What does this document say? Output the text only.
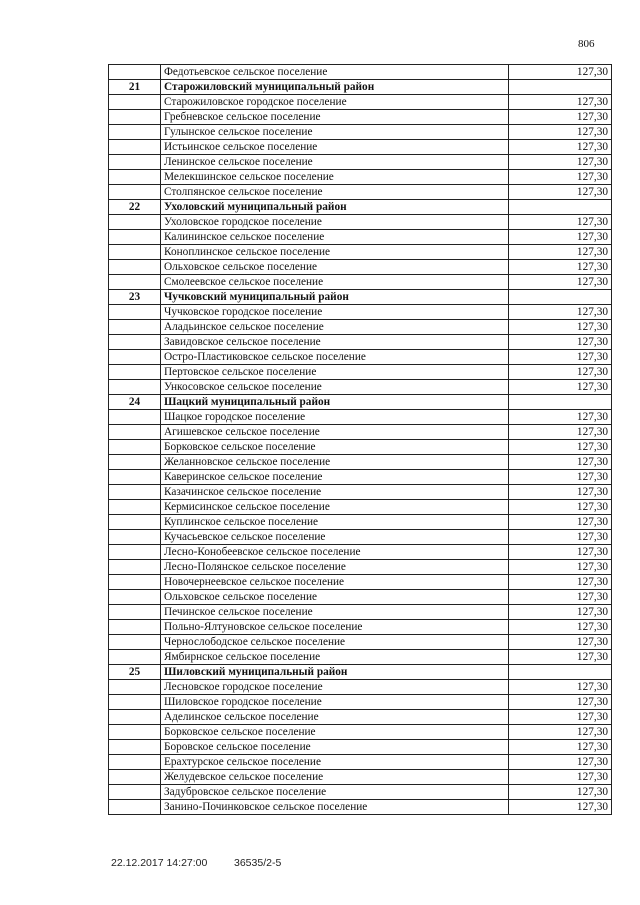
806
	Федотьевское сельское поселение	127,30
21	Старожиловский муниципальный район	
	Старожиловское городское поселение	127,30
	Гребневское сельское поселение	127,30
	Гулынское сельское поселение	127,30
	Истьинское сельское поселение	127,30
	Ленинское сельское поселение	127,30
	Мелекшинское сельское поселение	127,30
	Столпянское сельское поселение	127,30
22	Ухоловский муниципальный район	
	Ухоловское городское поселение	127,30
	Калининское сельское поселение	127,30
	Коноплинское сельское поселение	127,30
	Ольховское сельское поселение	127,30
	Смолеевское сельское поселение	127,30
23	Чучковский муниципальный район	
	Чучковское городское поселение	127,30
	Аладьинское сельское поселение	127,30
	Завидовское сельское поселение	127,30
	Остро-Пластиковское сельское поселение	127,30
	Пертовское сельское поселение	127,30
	Ункосовское сельское поселение	127,30
24	Шацкий муниципальный район	
	Шацкое городское поселение	127,30
	Агишевское сельское поселение	127,30
	Борковское сельское поселение	127,30
	Желанновское сельское поселение	127,30
	Каверинское сельское поселение	127,30
	Казачинское сельское поселение	127,30
	Кермисинское сельское поселение	127,30
	Куплинское сельское поселение	127,30
	Кучасьевское сельское поселение	127,30
	Лесно-Конобеевское сельское поселение	127,30
	Лесно-Полянское сельское поселение	127,30
	Новочернеевское сельское поселение	127,30
	Ольховское сельское поселение	127,30
	Печинское сельское поселение	127,30
	Польно-Ялтуновское сельское поселение	127,30
	Чернослободское сельское поселение	127,30
	Ямбирнское сельское поселение	127,30
25	Шиловский муниципальный район	
	Лесновское городское поселение	127,30
	Шиловское городское поселение	127,30
	Аделинское сельское поселение	127,30
	Борковское сельское поселение	127,30
	Боровское сельское поселение	127,30
	Ерахтурское сельское поселение	127,30
	Желудевское сельское поселение	127,30
	Задубровское сельское поселение	127,30
	Занино-Починковское сельское поселение	127,30
22.12.2017 14:27:00	36535/2-5
